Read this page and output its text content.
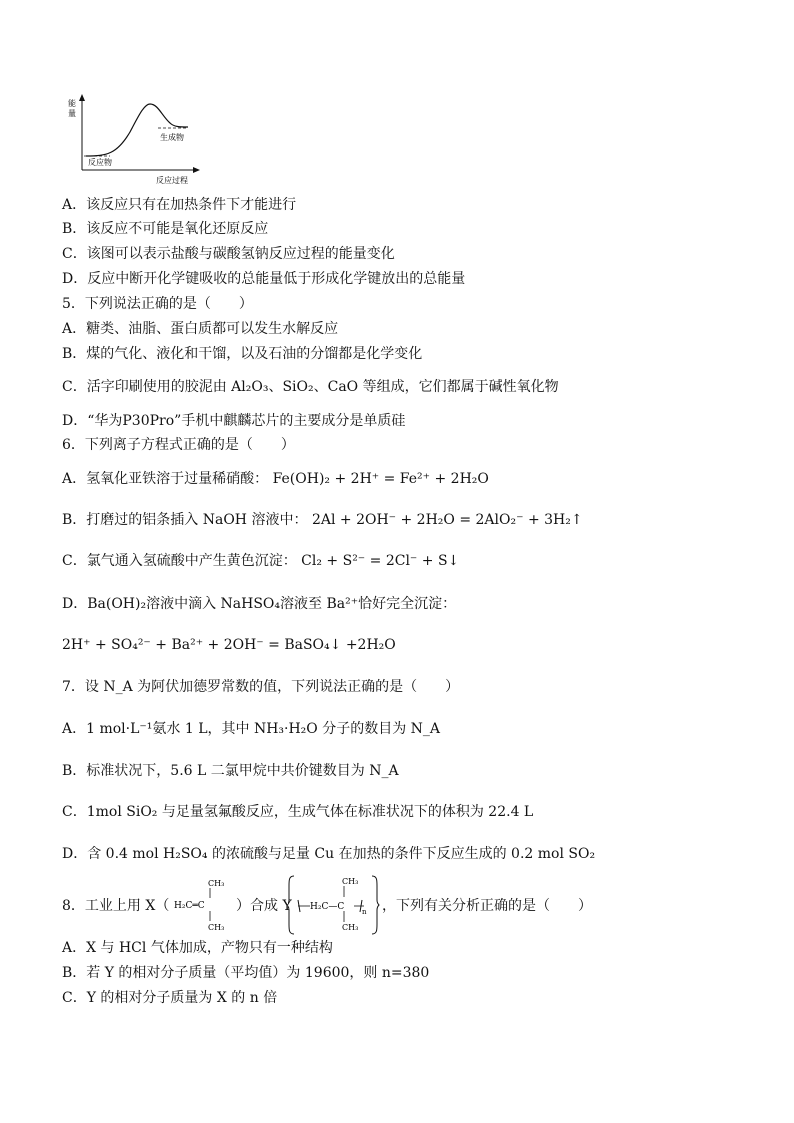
能
量
反应物
生成物
反应过程
A．该反应只有在加热条件下才能进行
B．该反应不可能是氧化还原反应
C．该图可以表示盐酸与碳酸氢钠反应过程的能量变化
D．反应中断开化学键吸收的总能量低于形成化学键放出的总能量
5．下列说法正确的是（　　）
A．糖类、油脂、蛋白质都可以发生水解反应
B．煤的气化、液化和干馏，以及石油的分馏都是化学变化
C．活字印刷使用的胶泥由 Al₂O₃、SiO₂、CaO 等组成，它们都属于碱性氧化物
D．“华为P30Pro”手机中麒麟芯片的主要成分是单质硅
6．下列离子方程式正确的是（　　）
A．氢氧化亚铁溶于过量稀硝酸： Fe(OH)₂ + 2H⁺ = Fe²⁺ + 2H₂O
B．打磨过的铝条插入 NaOH 溶液中： 2Al + 2OH⁻ + 2H₂O = 2AlO₂⁻ + 3H₂↑
C．氯气通入氢硫酸中产生黄色沉淀： Cl₂ + S²⁻ = 2Cl⁻ + S↓
D．Ba(OH)₂溶液中滴入 NaHSO₄溶液至 Ba²⁺恰好完全沉淀：
2H⁺ + SO₄²⁻ + Ba²⁺ + 2OH⁻ = BaSO₄↓ +2H₂O
7．设 N_A 为阿伏加德罗常数的值，下列说法正确的是（　　）
A．1 mol·L⁻¹氨水 1 L，其中 NH₃·H₂O 分子的数目为 N_A
B．标准状况下，5.6 L 二氯甲烷中共价键数目为 N_A
C．1mol SiO₂ 与足量氢氟酸反应，生成气体在标准状况下的体积为 22.4 L
D．含 0.4 mol H₂SO₄ 的浓硫酸与足量 Cu 在加热的条件下反应生成的 0.2 mol SO₂
8．工业上用 X（
CH₃
H₂C═C
CH₃
）合成 Y
CH₃
H₂C—C	n
CH₃
，下列有关分析正确的是（　　）
A．X 与 HCl 气体加成，产物只有一种结构
B．若 Y 的相对分子质量（平均值）为 19600，则 n=380
C．Y 的相对分子质量为 X 的 n 倍
